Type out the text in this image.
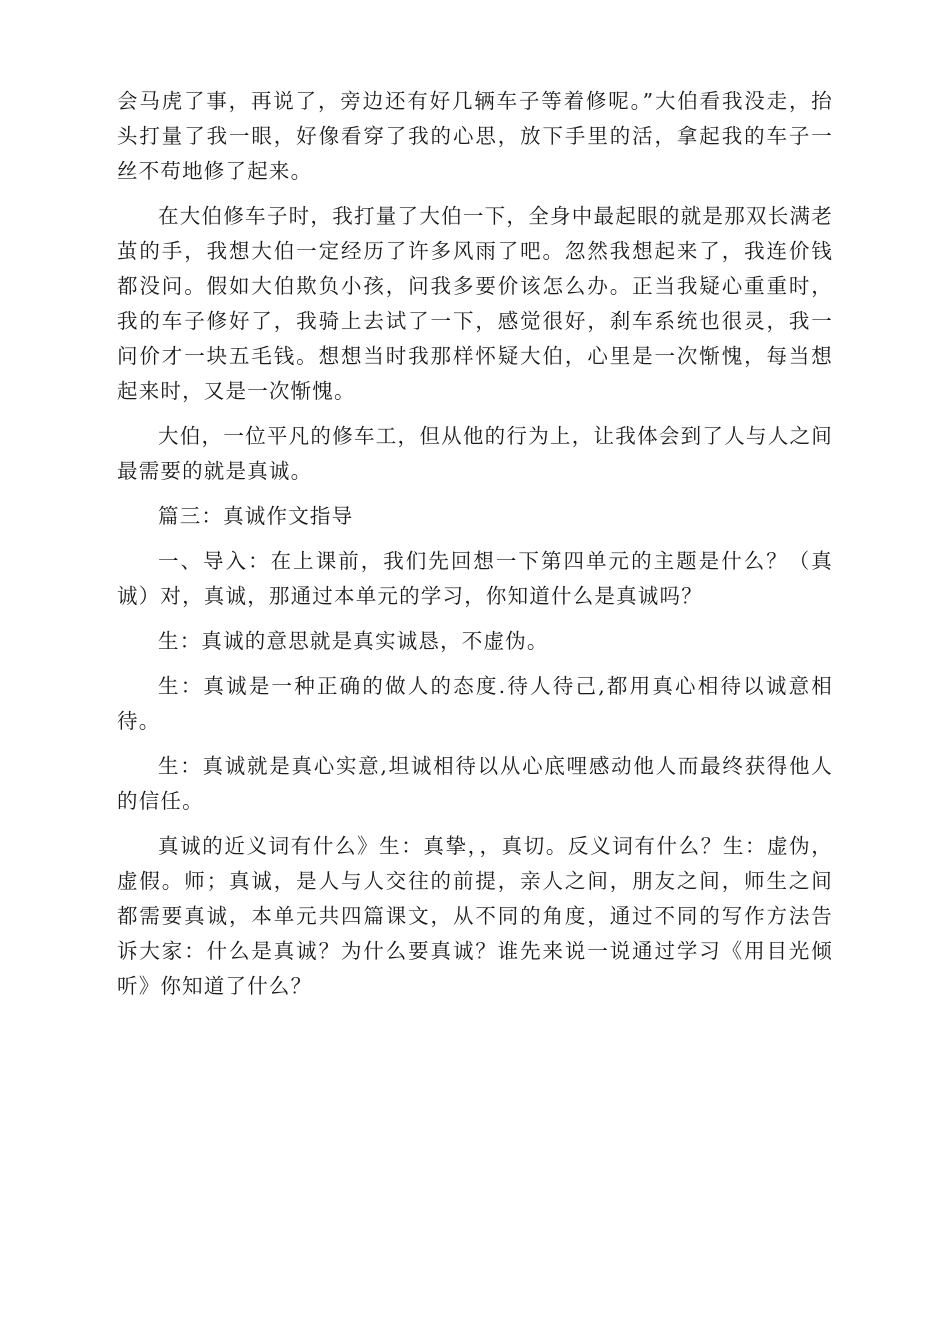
会马虎了事，再说了，旁边还有好几辆车子等着修呢。”大伯看我没走，抬头打量了我一眼，好像看穿了我的心思，放下手里的活，拿起我的车子一丝不苟地修了起来。

在大伯修车子时，我打量了大伯一下，全身中最起眼的就是那双长满老茧的手，我想大伯一定经历了许多风雨了吧。忽然我想起来了，我连价钱都没问。假如大伯欺负小孩，问我多要价该怎么办。正当我疑心重重时，我的车子修好了，我骑上去试了一下，感觉很好，刹车系统也很灵，我一问价才一块五毛钱。想想当时我那样怀疑大伯，心里是一次惭愧，每当想起来时，又是一次惭愧。

大伯，一位平凡的修车工，但从他的行为上，让我体会到了人与人之间最需要的就是真诚。

篇三：真诚作文指导

一、导入：在上课前，我们先回想一下第四单元的主题是什么？（真诚）对，真诚，那通过本单元的学习，你知道什么是真诚吗？

生：真诚的意思就是真实诚恳，不虚伪。

生：真诚是一种正确的做人的态度.待人待己,都用真心相待以诚意相待。

生：真诚就是真心实意,坦诚相待以从心底哩感动他人而最终获得他人的信任。

真诚的近义词有什么》生：真挚，，真切。反义词有什么？生：虚伪，虚假。师；真诚，是人与人交往的前提，亲人之间，朋友之间，师生之间都需要真诚，本单元共四篇课文，从不同的角度，通过不同的写作方法告诉大家：什么是真诚？为什么要真诚？谁先来说一说通过学习《用目光倾听》你知道了什么？
